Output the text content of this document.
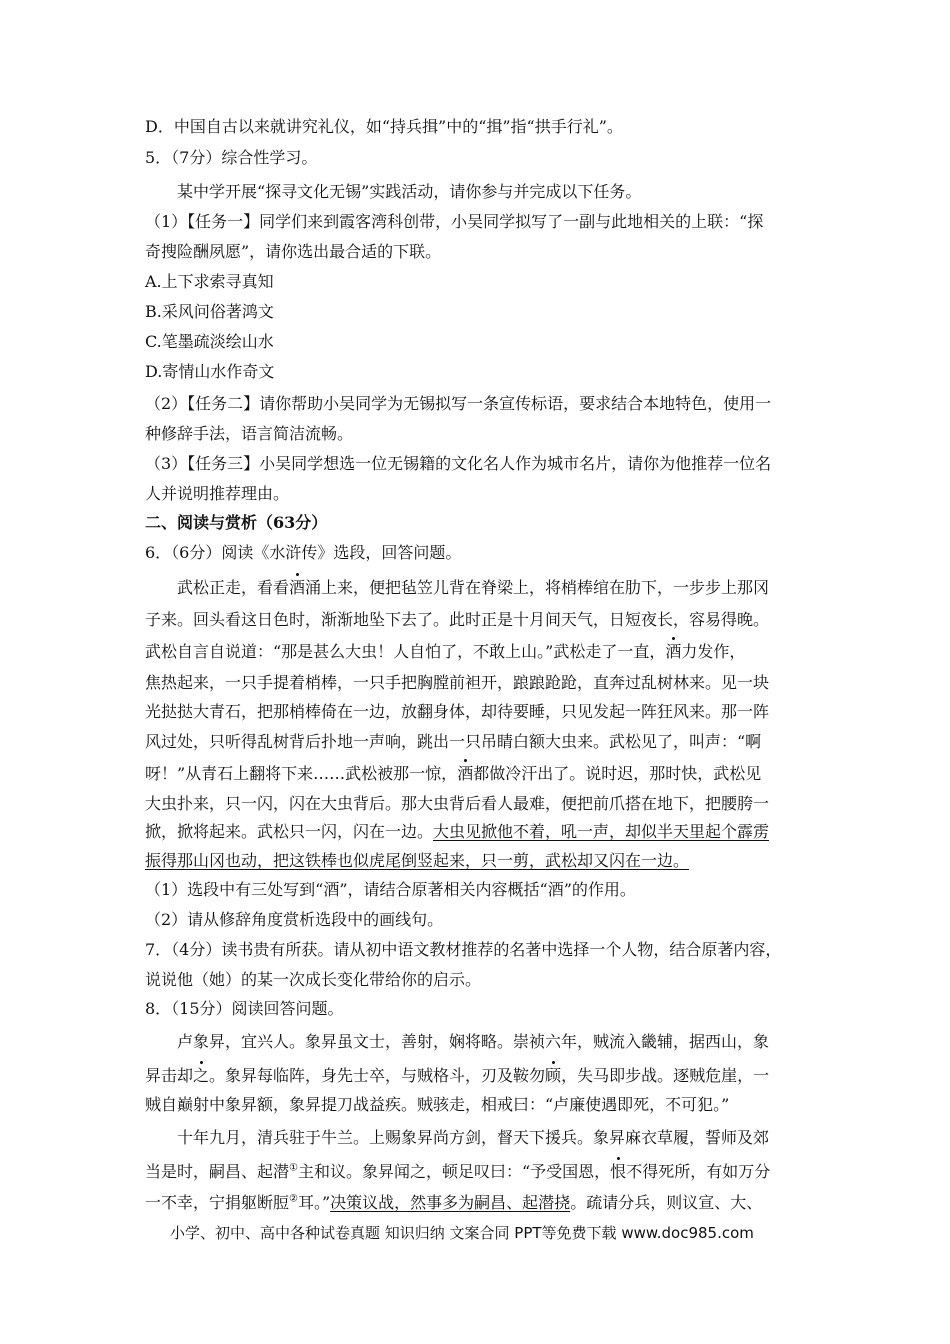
D．中国自古以来就讲究礼仪，如“持兵揖”中的“揖”指“拱手行礼”。
5．（7分）综合性学习。
某中学开展“探寻文化无锡”实践活动，请你参与并完成以下任务。
（1）【任务一】同学们来到霞客湾科创带，小吴同学拟写了一副与此地相关的上联：“探
奇搜险酬夙愿”，请你选出最合适的下联。
A.上下求索寻真知
B.采风问俗著鸿文
C.笔墨疏淡绘山水
D.寄情山水作奇文
（2）【任务二】请你帮助小吴同学为无锡拟写一条宣传标语，要求结合本地特色，使用一
种修辞手法，语言简洁流畅。
（3）【任务三】小吴同学想选一位无锡籍的文化名人作为城市名片，请你为他推荐一位名
人并说明推荐理由。
二、阅读与赏析（63分）
6．（6分）阅读《水浒传》选段，回答问题。
武松正走，看看酒涌上来，便把毡笠儿背在脊梁上，将梢棒绾在肋下，一步步上那冈
子来。回头看这日色时，渐渐地坠下去了。此时正是十月间天气，日短夜长，容易得晚。
武松自言自说道：“那是甚么大虫！人自怕了，不敢上山。”武松走了一直，酒力发作，
焦热起来，一只手提着梢棒，一只手把胸膛前袒开，踉踉跄跄，直奔过乱树林来。见一块
光挞挞大青石，把那梢棒倚在一边，放翻身体，却待要睡，只见发起一阵狂风来。那一阵
风过处，只听得乱树背后扑地一声响，跳出一只吊睛白额大虫来。武松见了，叫声：“啊
呀！”从青石上翻将下来……武松被那一惊，酒都做冷汗出了。说时迟，那时快，武松见
大虫扑来，只一闪，闪在大虫背后。那大虫背后看人最难，便把前爪搭在地下，把腰胯一
掀，掀将起来。武松只一闪，闪在一边。大虫见掀他不着，吼一声，却似半天里起个霹雳
振得那山冈也动，把这铁棒也似虎尾倒竖起来，只一剪，武松却又闪在一边。
（1）选段中有三处写到“酒”，请结合原著相关内容概括“酒”的作用。
（2）请从修辞角度赏析选段中的画线句。
7．（4分）读书贵有所获。请从初中语文教材推荐的名著中选择一个人物，结合原著内容，
说说他（她）的某一次成长变化带给你的启示。
8．（15分）阅读回答问题。
卢象昇，宜兴人。象昇虽文士，善射，娴将略。崇祯六年，贼流入畿辅，据西山，象
昇击却之。象昇每临阵，身先士卒，与贼格斗，刃及鞍勿顾，失马即步战。逐贼危崖，一
贼自巅射中象昇额，象昇提刀战益疾。贼骇走，相戒曰：“卢廉使遇即死，不可犯。”
十年九月，清兵驻于牛兰。上赐象昇尚方剑，督天下援兵。象昇麻衣草履，誓师及郊
当是时，嗣昌、起潜①主和议。象昇闻之，顿足叹曰：“予受国恩，恨不得死所，有如万分
一不幸，宁捐躯断脰②耳。”决策议战，然事多为嗣昌、起潜挠。疏请分兵，则议宣、大、
小学、初中、高中各种试卷真题 知识归纳 文案合同 PPT等免费下载 www.doc985.com
